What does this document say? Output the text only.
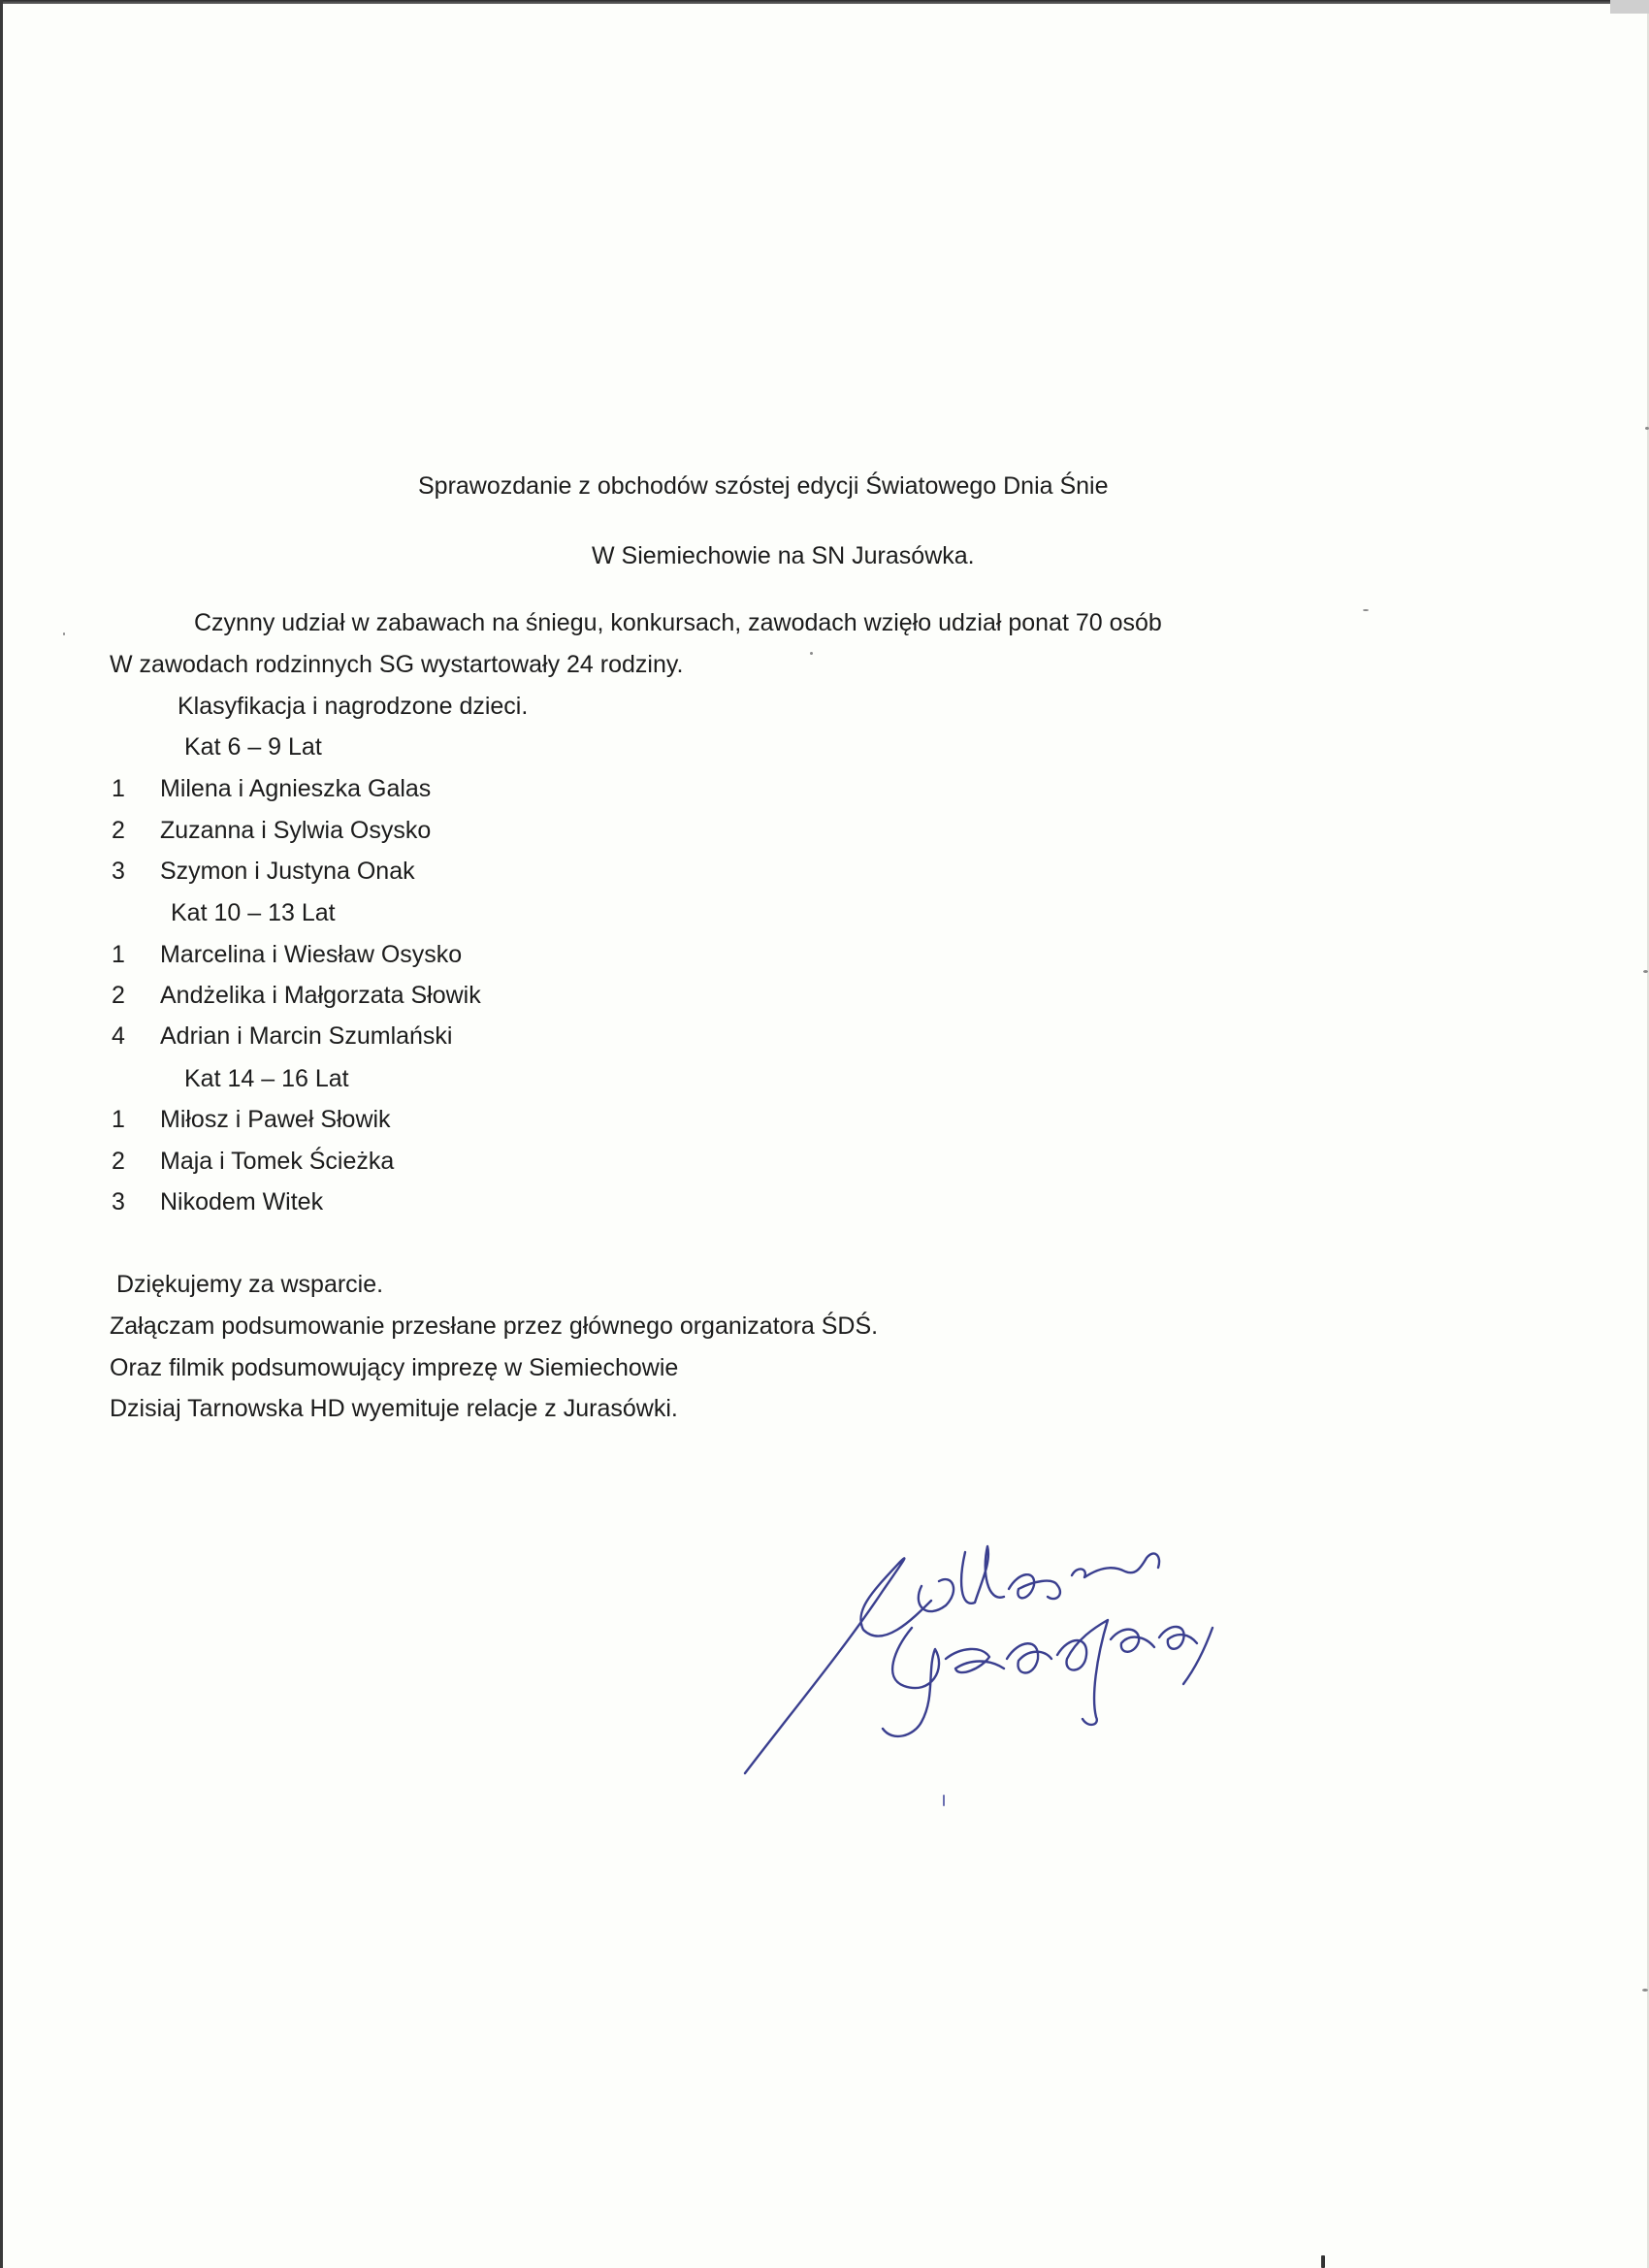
Sprawozdanie z obchodów szóstej edycji Światowego Dnia Śnie
W Siemiechowie na SN Jurasówka.
Czynny udział w zabawach na śniegu, konkursach, zawodach wzięło udział ponat 70 osób
W zawodach rodzinnych SG wystartowały 24 rodziny.
Klasyfikacja i nagrodzone dzieci.
Kat 6 – 9 Lat
1 Milena i Agnieszka Galas
2 Zuzanna i Sylwia Osysko
3 Szymon i Justyna Onak
Kat 10 – 13 Lat
1 Marcelina i Wiesław Osysko
2 Andżelika i Małgorzata Słowik
4 Adrian i Marcin Szumlański
Kat 14 – 16 Lat
1 Miłosz i Paweł Słowik
2 Maja i Tomek Ścieżka
3 Nikodem Witek
Dziękujemy za wsparcie.
Załączam podsumowanie przesłane przez głównego organizatora ŚDŚ.
Oraz filmik podsumowujący imprezę w Siemiechowie
Dzisiaj Tarnowska HD wyemituje relacje z Jurasówki.
